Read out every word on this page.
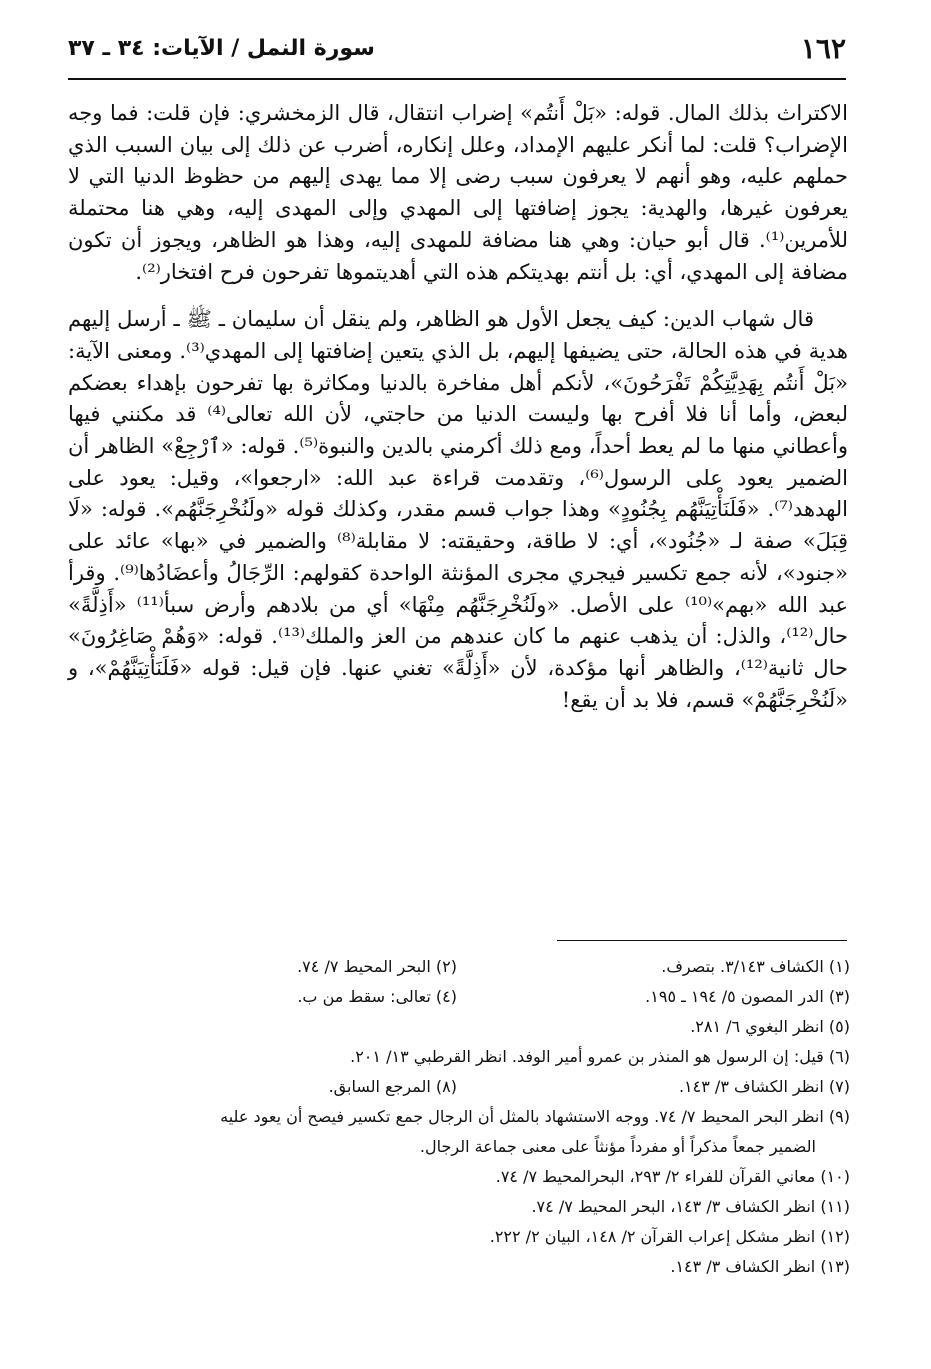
١٦٢
سورة النمل / الآيات: ٣٤ ـ ٣٧

الاكتراث بذلك المال. قوله: «بَلْ أَنتُم» إضراب انتقال، قال الزمخشري: فإن قلت: فما وجه الإضراب؟ قلت: لما أنكر عليهم الإمداد، وعلل إنكاره، أضرب عن ذلك إلى بيان السبب الذي حملهم عليه، وهو أنهم لا يعرفون سبب رضى إلا مما يهدى إليهم من حظوظ الدنيا التي لا يعرفون غيرها، والهدية: يجوز إضافتها إلى المهدي وإلى المهدى إليه، وهي هنا محتملة للأمرين⁽¹⁾. قال أبو حيان: وهي هنا مضافة للمهدى إليه، وهذا هو الظاهر، ويجوز أن تكون مضافة إلى المهدي، أي: بل أنتم بهديتكم هذه التي أهديتموها تفرحون فرح افتخار⁽²⁾.

قال شهاب الدين: كيف يجعل الأول هو الظاهر، ولم ينقل أن سليمان ـ ﷺ ـ أرسل إليهم هدية في هذه الحالة، حتى يضيفها إليهم، بل الذي يتعين إضافتها إلى المهدي⁽³⁾. ومعنى الآية: «بَلْ أَنتُم بِهَدِيَّتِكُمْ تَفْرَحُونَ»، لأنكم أهل مفاخرة بالدنيا ومكاثرة بها تفرحون بإهداء بعضكم لبعض، وأما أنا فلا أفرح بها وليست الدنيا من حاجتي، لأن الله تعالى⁽⁴⁾ قد مكنني فيها وأعطاني منها ما لم يعط أحداً، ومع ذلك أكرمني بالدين والنبوة⁽⁵⁾. قوله: «ٱرْجِعْ» الظاهر أن الضمير يعود على الرسول⁽⁶⁾، وتقدمت قراءة عبد الله: «ارجعوا»، وقيل: يعود على الهدهد⁽⁷⁾. «فَلَنَأْتِيَنَّهُم بِجُنُودٍ» وهذا جواب قسم مقدر، وكذلك قوله «ولَنُخْرِجَنَّهُم». قوله: «لَا قِبَلَ» صفة لـ «جُنُود»، أي: لا طاقة، وحقيقته: لا مقابلة⁽⁸⁾ والضمير في «بها» عائد على «جنود»، لأنه جمع تكسير فيجري مجرى المؤنثة الواحدة كقولهم: الرِّجَالُ وأعضَادُها⁽⁹⁾. وقرأ عبد الله «بهم»⁽¹⁰⁾ على الأصل. «ولَنُخْرِجَنَّهُم مِنْهَا» أي من بلادهم وأرض سبأ⁽¹¹⁾ «أَذِلَّةً» حال⁽¹²⁾، والذل: أن يذهب عنهم ما كان عندهم من العز والملك⁽¹³⁾. قوله: «وَهُمْ صَاغِرُونَ» حال ثانية⁽¹²⁾، والظاهر أنها مؤكدة، لأن «أَذِلَّةً» تغني عنها. فإن قيل: قوله «فَلَنَأْتِيَنَّهُمْ»، و «لَنُخْرِجَنَّهُمْ» قسم، فلا بد أن يقع!

(١) الكشاف ٣/١٤٣. بتصرف.
(٢) البحر المحيط ٧/ ٧٤.
(٣) الدر المصون ٥/ ١٩٤ ـ ١٩٥.
(٤) تعالى: سقط من ب.
(٥) انظر البغوي ٦/ ٢٨١.
(٦) قيل: إن الرسول هو المنذر بن عمرو أمير الوفد. انظر القرطبي ١٣/ ٢٠١.
(٧) انظر الكشاف ٣/ ١٤٣.
(٨) المرجع السابق.
(٩) انظر البحر المحيط ٧/ ٧٤. ووجه الاستشهاد بالمثل أن الرجال جمع تكسير فيصح أن يعود عليه
الضمير جمعاً مذكراً أو مفرداً مؤنثاً على معنى جماعة الرجال.
(١٠) معاني القرآن للفراء ٢/ ٢٩٣، البحرالمحيط ٧/ ٧٤.
(١١) انظر الكشاف ٣/ ١٤٣، البحر المحيط ٧/ ٧٤.
(١٢) انظر مشكل إعراب القرآن ٢/ ١٤٨، البيان ٢/ ٢٢٢.
(١٣) انظر الكشاف ٣/ ١٤٣.
